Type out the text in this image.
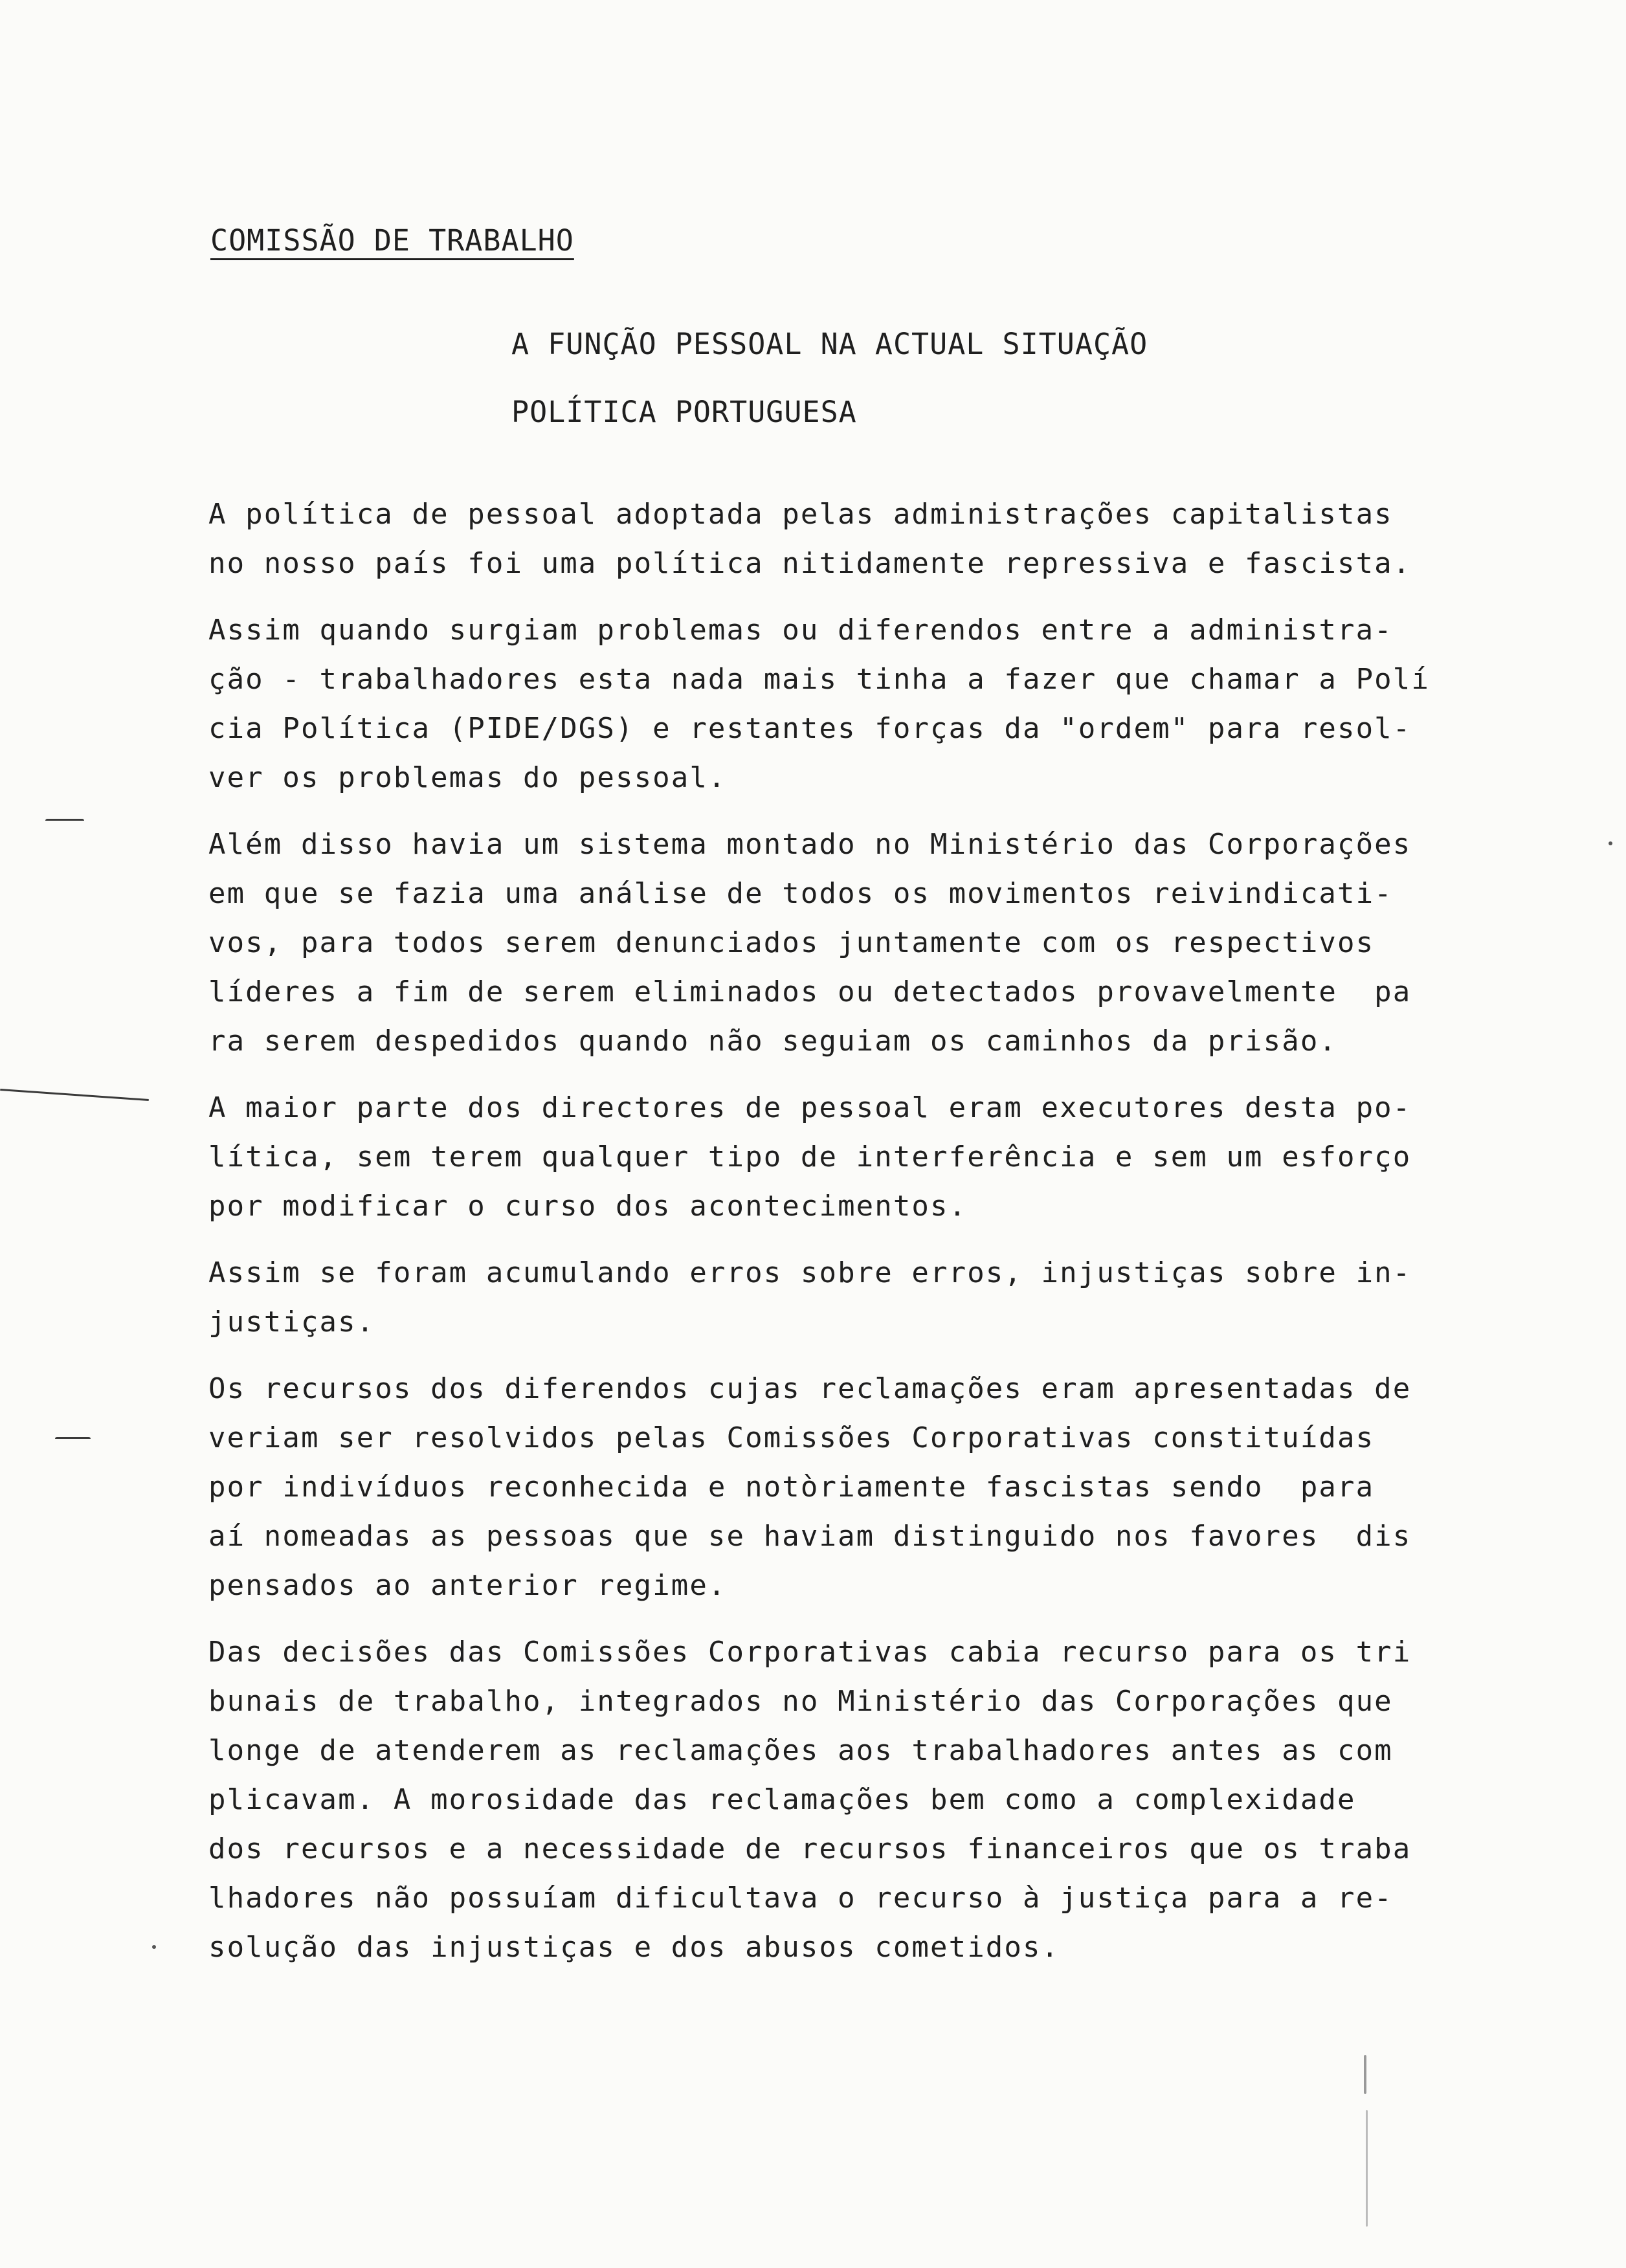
COMISSÃO DE TRABALHO
A FUNÇÃO PESSOAL NA ACTUAL SITUAÇÃO
POLÍTICA PORTUGUESA
A política de pessoal adoptada pelas administrações capitalistas
no nosso país foi uma política nitidamente repressiva e fascista.
Assim quando surgiam problemas ou diferendos entre a administra-
ção - trabalhadores esta nada mais tinha a fazer que chamar a Polí
cia Política (PIDE/DGS) e restantes forças da "ordem" para resol-
ver os problemas do pessoal.
Além disso havia um sistema montado no Ministério das Corporações
em que se fazia uma análise de todos os movimentos reivindicati-
vos, para todos serem denunciados juntamente com os respectivos
líderes a fim de serem eliminados ou detectados provavelmente  pa
ra serem despedidos quando não seguiam os caminhos da prisão.
A maior parte dos directores de pessoal eram executores desta po-
lítica, sem terem qualquer tipo de interferência e sem um esforço
por modificar o curso dos acontecimentos.
Assim se foram acumulando erros sobre erros, injustiças sobre in-
justiças.
Os recursos dos diferendos cujas reclamações eram apresentadas de
veriam ser resolvidos pelas Comissões Corporativas constituídas
por indivíduos reconhecida e notòriamente fascistas sendo  para
aí nomeadas as pessoas que se haviam distinguido nos favores  dis
pensados ao anterior regime.
Das decisões das Comissões Corporativas cabia recurso para os tri
bunais de trabalho, integrados no Ministério das Corporações que
longe de atenderem as reclamações aos trabalhadores antes as com
plicavam. A morosidade das reclamações bem como a complexidade
dos recursos e a necessidade de recursos financeiros que os traba
lhadores não possuíam dificultava o recurso à justiça para a re-
solução das injustiças e dos abusos cometidos.
